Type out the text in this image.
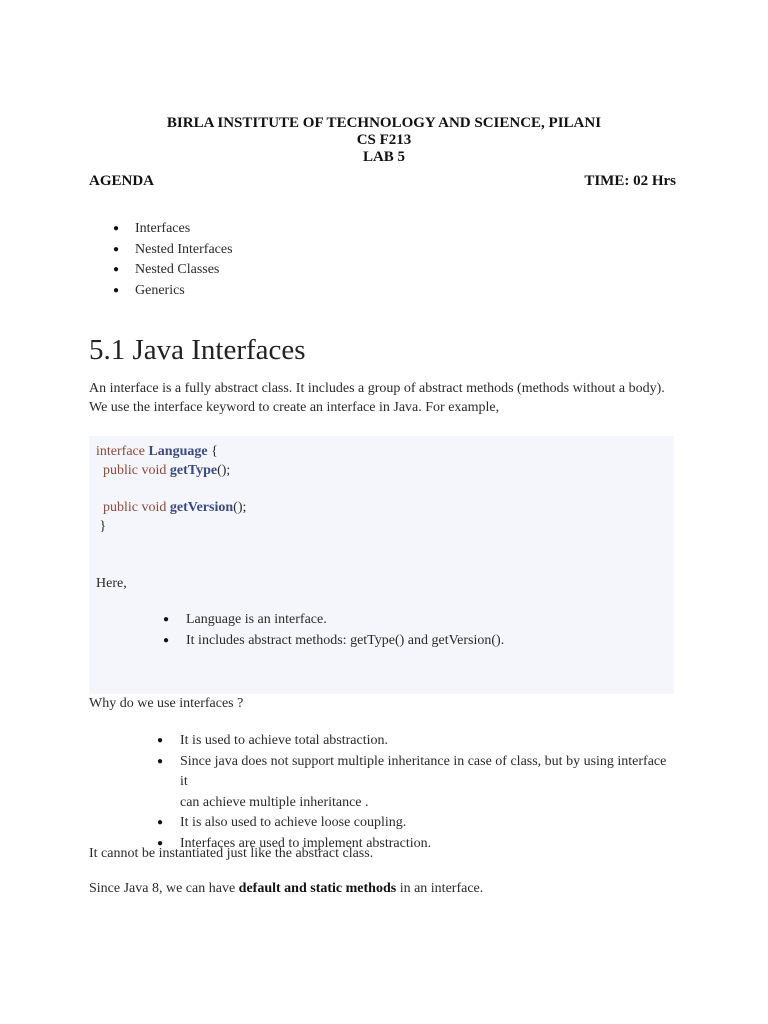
BIRLA INSTITUTE OF TECHNOLOGY AND SCIENCE, PILANI
CS F213
LAB 5
AGENDA	TIME: 02 Hrs
● Interfaces
● Nested Interfaces
● Nested Classes
● Generics
5.1 Java Interfaces
An interface is a fully abstract class. It includes a group of abstract methods (methods without a body).
We use the interface keyword to create an interface in Java. For example,
interface Language {
public void getType();
public void getVersion();
}
Here,
● Language is an interface.
● It includes abstract methods: getType() and getVersion().
Why do we use interfaces ?
● It is used to achieve total abstraction.
● Since java does not support multiple inheritance in case of class, but by using interface it
can achieve multiple inheritance .
● It is also used to achieve loose coupling.
● Interfaces are used to implement abstraction.
It cannot be instantiated just like the abstract class.
Since Java 8, we can have default and static methods in an interface.
